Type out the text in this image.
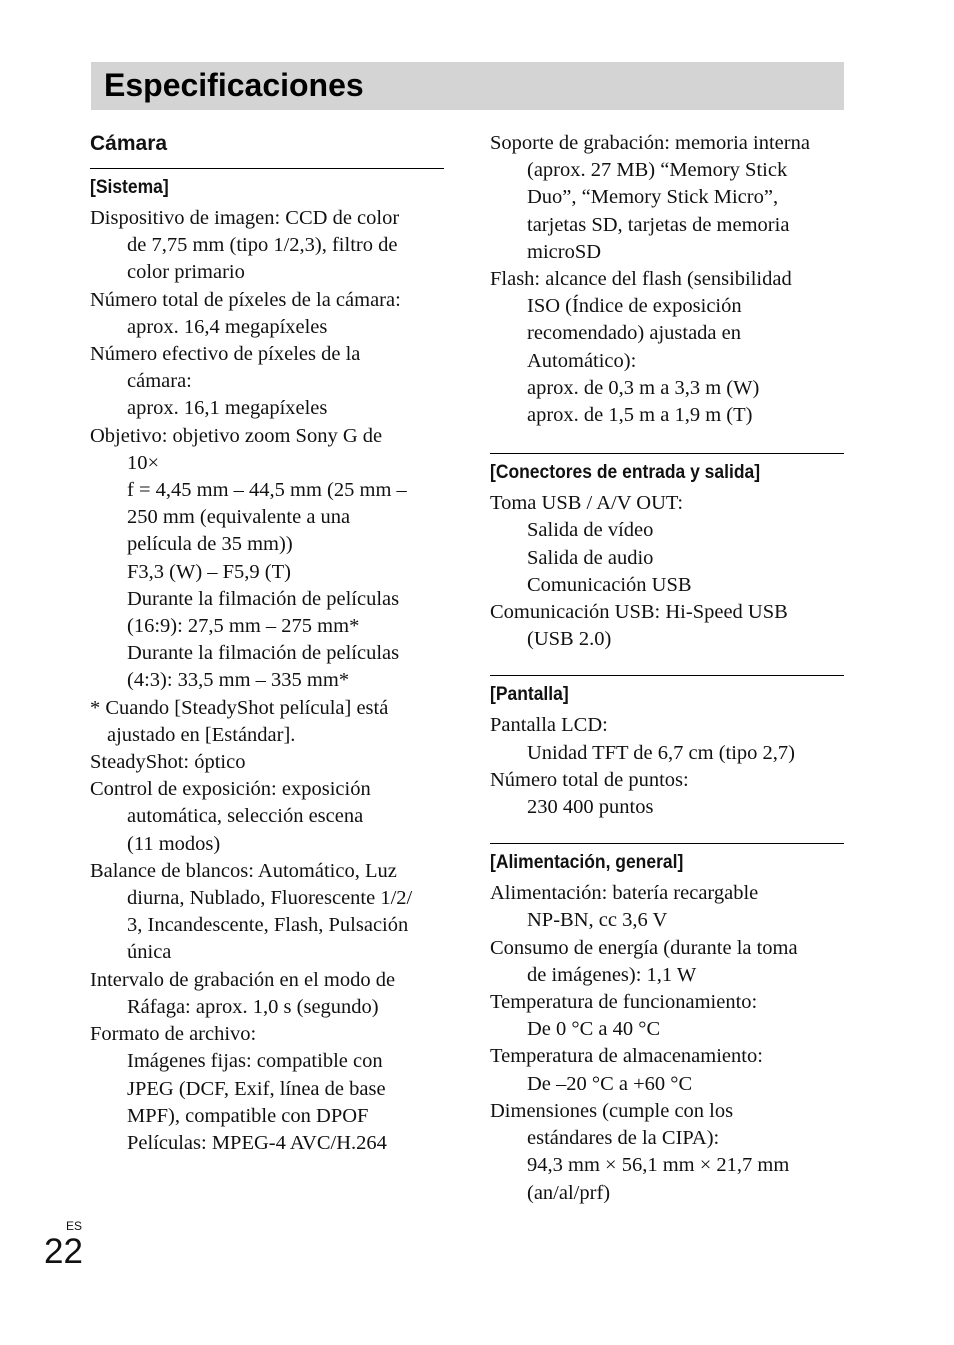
Especificaciones
Cámara
[Sistema]
Dispositivo de imagen: CCD de color
de 7,75 mm (tipo 1/2,3), filtro de
color primario
Número total de píxeles de la cámara:
aprox. 16,4 megapíxeles
Número efectivo de píxeles de la
cámara:
aprox. 16,1 megapíxeles
Objetivo: objetivo zoom Sony G de
10×
f = 4,45 mm – 44,5 mm (25 mm –
250 mm (equivalente a una
película de 35 mm))
F3,3 (W) – F5,9 (T)
Durante la filmación de películas
(16:9): 27,5 mm – 275 mm*
Durante la filmación de películas
(4:3): 33,5 mm – 335 mm*
* Cuando [SteadyShot película] está
ajustado en [Estándar].
SteadyShot: óptico
Control de exposición: exposición
automática, selección escena
(11 modos)
Balance de blancos: Automático, Luz
diurna, Nublado, Fluorescente 1/2/
3, Incandescente, Flash, Pulsación
única
Intervalo de grabación en el modo de
Ráfaga: aprox. 1,0 s (segundo)
Formato de archivo:
Imágenes fijas: compatible con
JPEG (DCF, Exif, línea de base
MPF), compatible con DPOF
Películas: MPEG-4 AVC/H.264
Soporte de grabación: memoria interna
(aprox. 27 MB) “Memory Stick
Duo”, “Memory Stick Micro”,
tarjetas SD, tarjetas de memoria
microSD
Flash: alcance del flash (sensibilidad
ISO (Índice de exposición
recomendado) ajustada en
Automático):
aprox. de 0,3 m a 3,3 m (W)
aprox. de 1,5 m a 1,9 m (T)
[Conectores de entrada y salida]
Toma USB / A/V OUT:
Salida de vídeo
Salida de audio
Comunicación USB
Comunicación USB: Hi-Speed USB
(USB 2.0)
[Pantalla]
Pantalla LCD:
Unidad TFT de 6,7 cm (tipo 2,7)
Número total de puntos:
230 400 puntos
[Alimentación, general]
Alimentación: batería recargable
NP-BN, cc 3,6 V
Consumo de energía (durante la toma
de imágenes): 1,1 W
Temperatura de funcionamiento:
De 0 °C a 40 °C
Temperatura de almacenamiento:
De –20 °C a +60 °C
Dimensiones (cumple con los
estándares de la CIPA):
94,3 mm × 56,1 mm × 21,7 mm
(an/al/prf)
ES
22
